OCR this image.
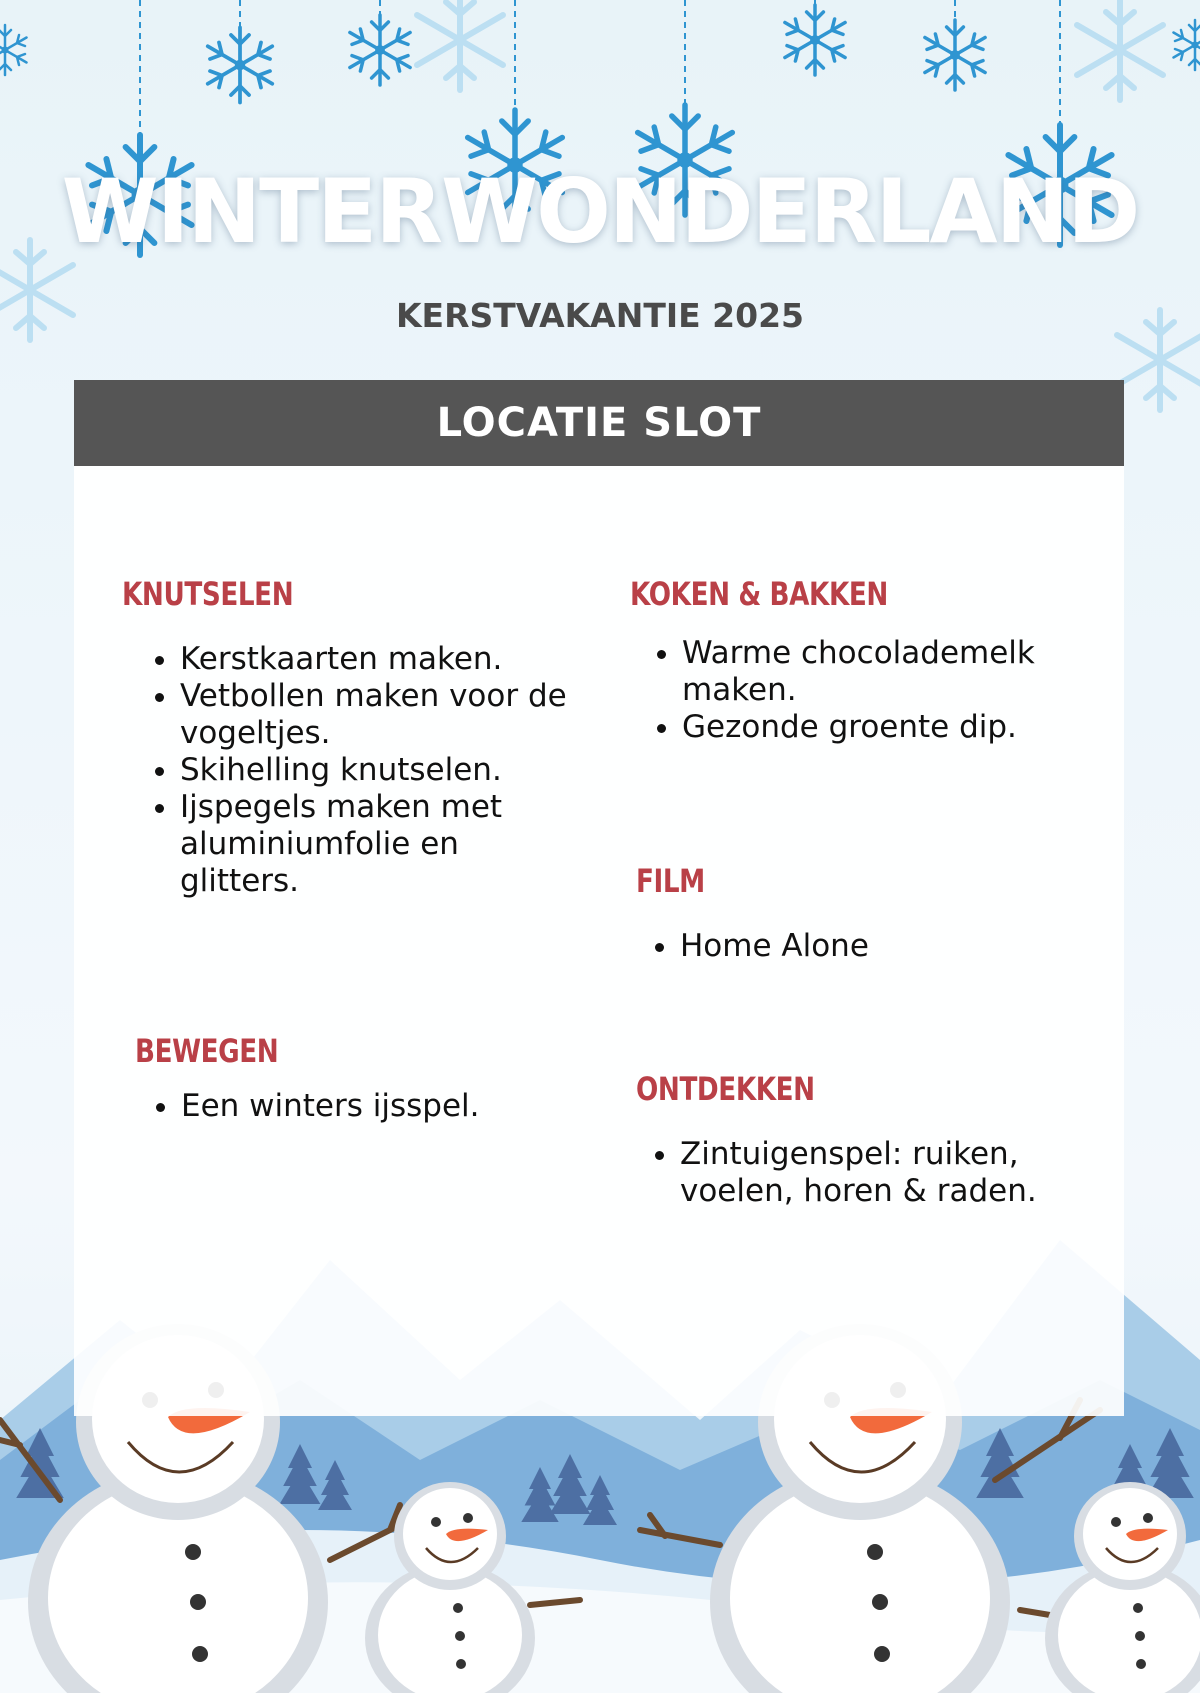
WINTERWONDERLAND
KERSTVAKANTIE 2025
LOCATIE SLOT
KNUTSELEN
• Kerstkaarten maken.
• Vetbollen maken voor de vogeltjes.
• Skihelling knutselen.
• Ijspegels maken met aluminiumfolie en glitters.
KOKEN & BAKKEN
• Warme chocolademelk maken.
• Gezonde groente dip.
FILM
• Home Alone
BEWEGEN
• Een winters ijsspel.	ONTDEKKEN
• Zintuigenspel: ruiken, voelen, horen & raden.
